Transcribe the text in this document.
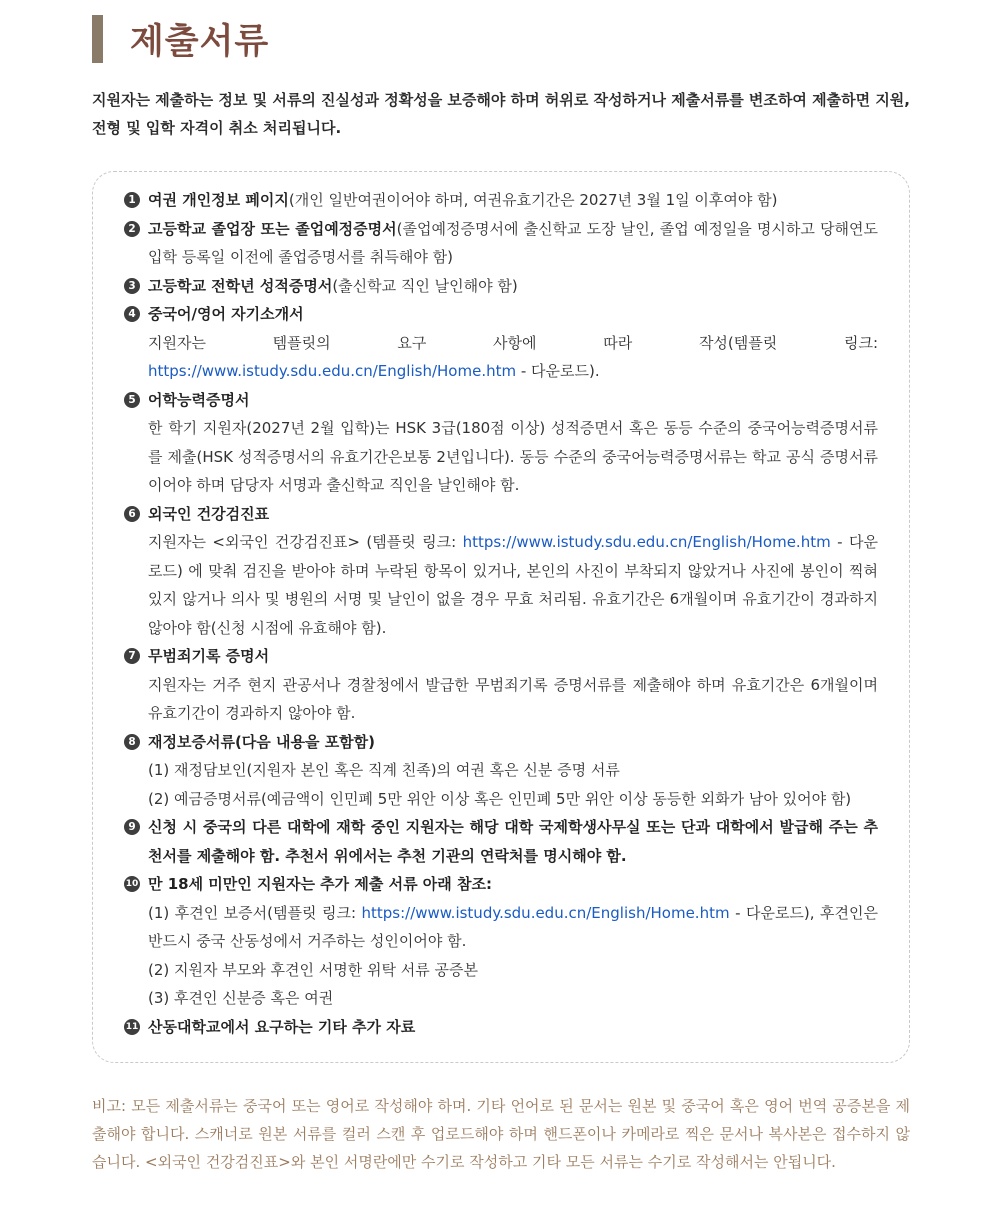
제출서류

지원자는 제출하는 정보 및 서류의 진실성과 정확성을 보증해야 하며 허위로 작성하거나 제출서류를 변조하여 제출하면 지원, 전형 및 입학 자격이 취소 처리됩니다.

1 여권 개인정보 페이지(개인 일반여권이어야 하며, 여권유효기간은 2027년 3월 1일 이후여야 함)
2 고등학교 졸업장 또는 졸업예정증명서(졸업예정증명서에 출신학교 도장 날인, 졸업 예정일을 명시하고 당해연도 입학 등록일 이전에 졸업증명서를 취득해야 함)
3 고등학교 전학년 성적증명서(출신학교 직인 날인해야 함)
4 중국어/영어 자기소개서
지원자는 템플릿의 요구 사항에 따라 작성(템플릿 링크: https://www.istudy.sdu.edu.cn/English/Home.htm - 다운로드).
5 어학능력증명서
한 학기 지원자(2027년 2월 입학)는 HSK 3급(180점 이상) 성적증면서 혹은 동등 수준의 중국어능력증명서류를 제출(HSK 성적증명서의 유효기간은보통 2년입니다). 동등 수준의 중국어능력증명서류는 학교 공식 증명서류이어야 하며 담당자 서명과 출신학교 직인을 날인해야 함.
6 외국인 건강검진표
지원자는 <외국인 건강검진표> (템플릿 링크: https://www.istudy.sdu.edu.cn/English/Home.htm - 다운로드) 에 맞춰 검진을 받아야 하며 누락된 항목이 있거나, 본인의 사진이 부착되지 않았거나 사진에 봉인이 찍혀 있지 않거나 의사 및 병원의 서명 및 날인이 없을 경우 무효 처리됨. 유효기간은 6개월이며 유효기간이 경과하지 않아야 함(신청 시점에 유효해야 함).
7 무범죄기록 증명서
지원자는 거주 현지 관공서나 경찰청에서 발급한 무범죄기록 증명서류를 제출해야 하며 유효기간은 6개월이며 유효기간이 경과하지 않아야 함.
8 재정보증서류(다음 내용을 포함함)
(1) 재정담보인(지원자 본인 혹은 직계 친족)의 여권 혹은 신분 증명 서류
(2) 예금증명서류(예금액이 인민폐 5만 위안 이상 혹은 인민폐 5만 위안 이상 동등한 외화가 남아 있어야 함)
9 신청 시 중국의 다른 대학에 재학 중인 지원자는 해당 대학 국제학생사무실 또는 단과 대학에서 발급해 주는 추천서를 제출해야 함. 추천서 위에서는 추천 기관의 연락처를 명시해야 함.
10 만 18세 미만인 지원자는 추가 제출 서류 아래 참조:
(1) 후견인 보증서(템플릿 링크: https://www.istudy.sdu.edu.cn/English/Home.htm - 다운로드), 후견인은 반드시 중국 산동성에서 거주하는 성인이어야 함.
(2) 지원자 부모와 후견인 서명한 위탁 서류 공증본
(3) 후견인 신분증 혹은 여권
11 산동대학교에서 요구하는 기타 추가 자료

비고: 모든 제출서류는 중국어 또는 영어로 작성해야 하며. 기타 언어로 된 문서는 원본 및 중국어 혹은 영어 번역 공증본을 제출해야 합니다. 스캐너로 원본 서류를 컬러 스캔 후 업로드해야 하며 핸드폰이나 카메라로 찍은 문서나 복사본은 접수하지 않습니다. <외국인 건강검진표>와 본인 서명란에만 수기로 작성하고 기타 모든 서류는 수기로 작성해서는 안됩니다.
